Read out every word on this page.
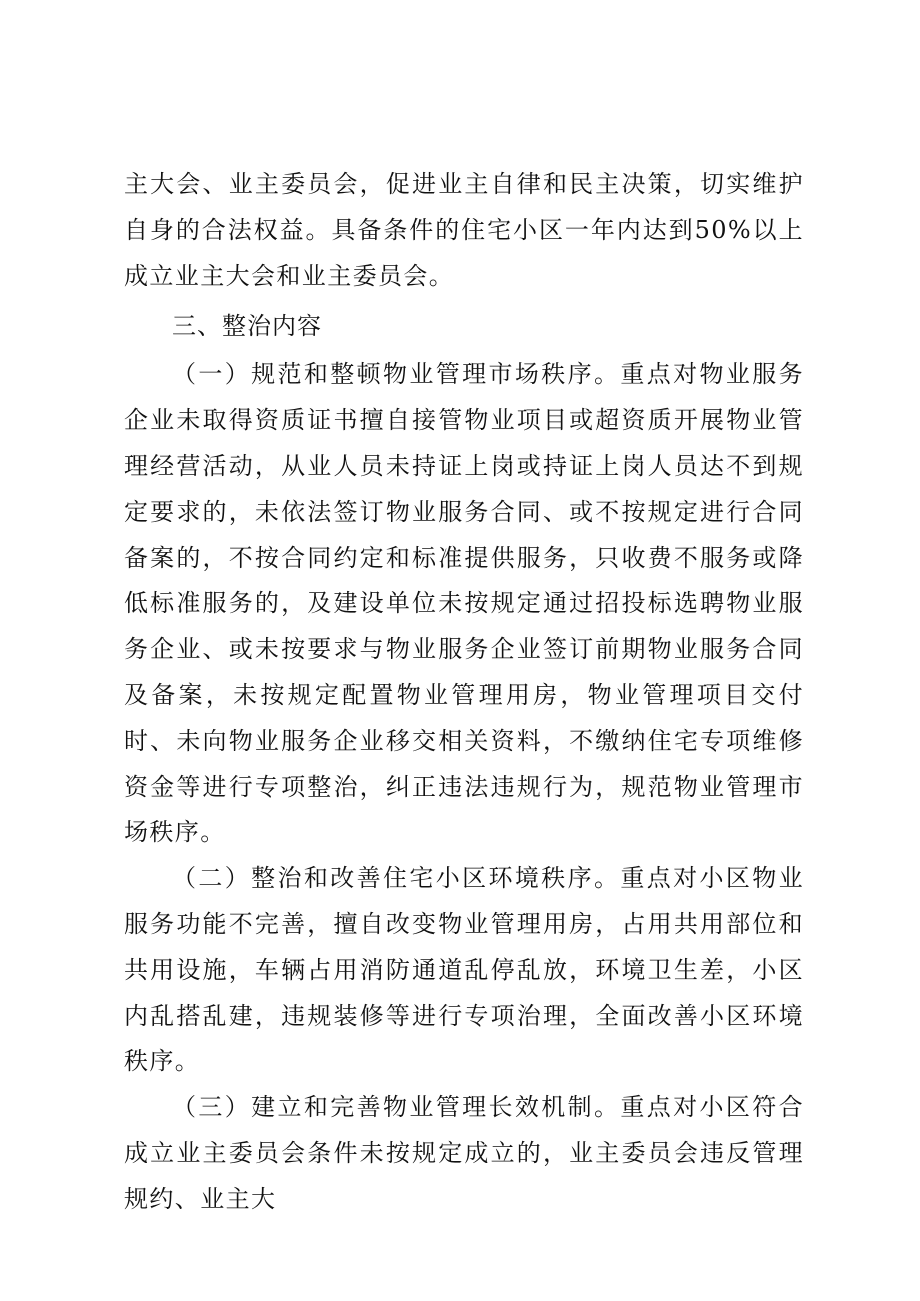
主大会、业主委员会，促进业主自律和民主决策，切实维护自身的合法权益。具备条件的住宅小区一年内达到50%以上成立业主大会和业主委员会。

三、整治内容

（一）规范和整顿物业管理市场秩序。重点对物业服务企业未取得资质证书擅自接管物业项目或超资质开展物业管理经营活动，从业人员未持证上岗或持证上岗人员达不到规定要求的，未依法签订物业服务合同、或不按规定进行合同备案的，不按合同约定和标准提供服务，只收费不服务或降低标准服务的，及建设单位未按规定通过招投标选聘物业服务企业、或未按要求与物业服务企业签订前期物业服务合同及备案，未按规定配置物业管理用房，物业管理项目交付时、未向物业服务企业移交相关资料，不缴纳住宅专项维修资金等进行专项整治，纠正违法违规行为，规范物业管理市场秩序。

（二）整治和改善住宅小区环境秩序。重点对小区物业服务功能不完善，擅自改变物业管理用房，占用共用部位和共用设施，车辆占用消防通道乱停乱放，环境卫生差，小区内乱搭乱建，违规装修等进行专项治理，全面改善小区环境秩序。

（三）建立和完善物业管理长效机制。重点对小区符合成立业主委员会条件未按规定成立的，业主委员会违反管理规约、业主大
